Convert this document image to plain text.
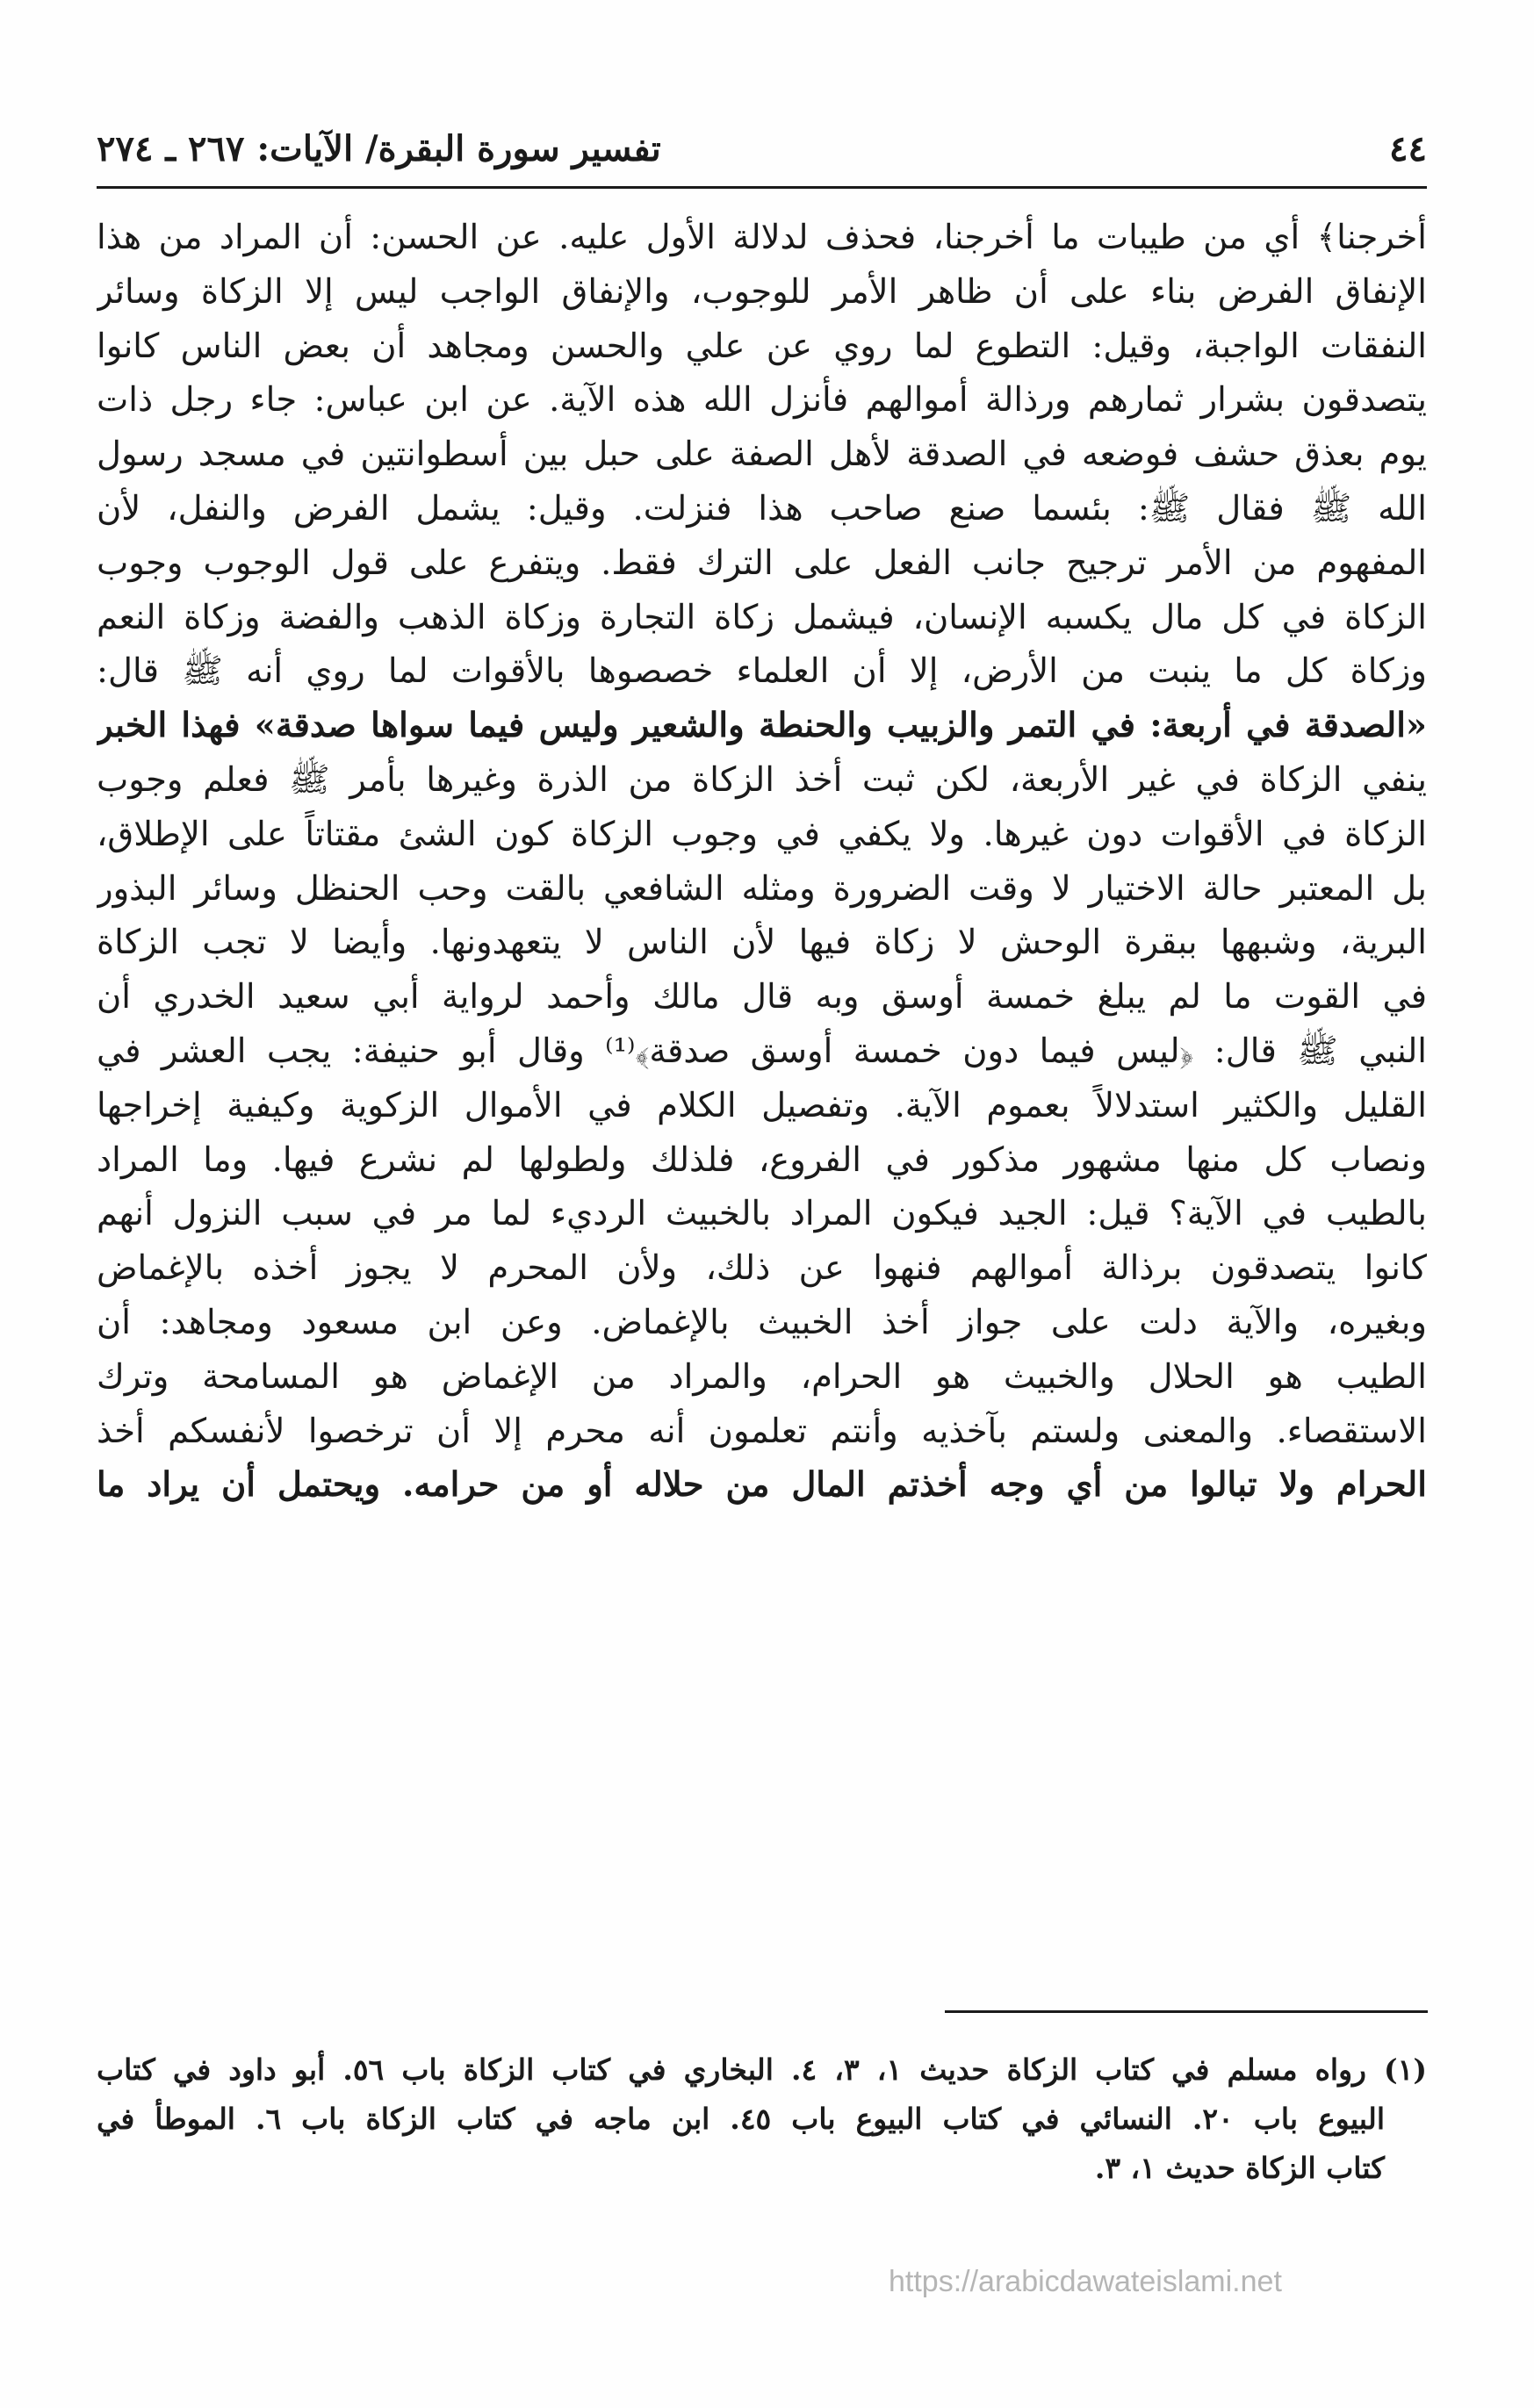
٤٤
تفسير سورة البقرة/ الآيات: ٢٦٧ ـ ٢٧٤
أخرجنا﴾ أي من طيبات ما أخرجنا، فحذف لدلالة الأول عليه. عن الحسن: أن المراد من هذا
الإنفاق الفرض بناء على أن ظاهر الأمر للوجوب، والإنفاق الواجب ليس إلا الزكاة وسائر
النفقات الواجبة، وقيل: التطوع لما روي عن علي والحسن ومجاهد أن بعض الناس كانوا
يتصدقون بشرار ثمارهم ورذالة أموالهم فأنزل الله هذه الآية. عن ابن عباس: جاء رجل ذات
يوم بعذق حشف فوضعه في الصدقة لأهل الصفة على حبل بين أسطوانتين في مسجد رسول
الله ﷺ فقال ﷺ: بئسما صنع صاحب هذا فنزلت. وقيل: يشمل الفرض والنفل، لأن
المفهوم من الأمر ترجيح جانب الفعل على الترك فقط. ويتفرع على قول الوجوب وجوب
الزكاة في كل مال يكسبه الإنسان، فيشمل زكاة التجارة وزكاة الذهب والفضة وزكاة النعم
وزكاة كل ما ينبت من الأرض، إلا أن العلماء خصصوها بالأقوات لما روي أنه ﷺ قال:
«الصدقة في أربعة: في التمر والزبيب والحنطة والشعير وليس فيما سواها صدقة» فهذا الخبر
ينفي الزكاة في غير الأربعة، لكن ثبت أخذ الزكاة من الذرة وغيرها بأمر ﷺ فعلم وجوب
الزكاة في الأقوات دون غيرها. ولا يكفي في وجوب الزكاة كون الشئ مقتاتاً على الإطلاق،
بل المعتبر حالة الاختيار لا وقت الضرورة ومثله الشافعي بالقت وحب الحنظل وسائر البذور
البرية، وشبهها ببقرة الوحش لا زكاة فيها لأن الناس لا يتعهدونها. وأيضا لا تجب الزكاة
في القوت ما لم يبلغ خمسة أوسق وبه قال مالك وأحمد لرواية أبي سعيد الخدري أن
النبي ﷺ قال: ﴿ليس فيما دون خمسة أوسق صدقة﴾⁽¹⁾ وقال أبو حنيفة: يجب العشر في
القليل والكثير استدلالاً بعموم الآية. وتفصيل الكلام في الأموال الزكوية وكيفية إخراجها
ونصاب كل منها مشهور مذكور في الفروع، فلذلك ولطولها لم نشرع فيها. وما المراد
بالطيب في الآية؟ قيل: الجيد فيكون المراد بالخبيث الرديء لما مر في سبب النزول أنهم
كانوا يتصدقون برذالة أموالهم فنهوا عن ذلك، ولأن المحرم لا يجوز أخذه بالإغماض
وبغيره، والآية دلت على جواز أخذ الخبيث بالإغماض. وعن ابن مسعود ومجاهد: أن
الطيب هو الحلال والخبيث هو الحرام، والمراد من الإغماض هو المسامحة وترك
الاستقصاء. والمعنى ولستم بآخذيه وأنتم تعلمون أنه محرم إلا أن ترخصوا لأنفسكم أخذ
الحرام ولا تبالوا من أي وجه أخذتم المال من حلاله أو من حرامه. ويحتمل أن يراد ما
(١) رواه مسلم في كتاب الزكاة حديث ١، ٣، ٤. البخاري في كتاب الزكاة باب ٥٦. أبو داود في كتاب
البيوع باب ٢٠. النسائي في كتاب البيوع باب ٤٥. ابن ماجه في كتاب الزكاة باب ٦. الموطأ في
كتاب الزكاة حديث ١، ٣.
https://arabicdawateislami.net
